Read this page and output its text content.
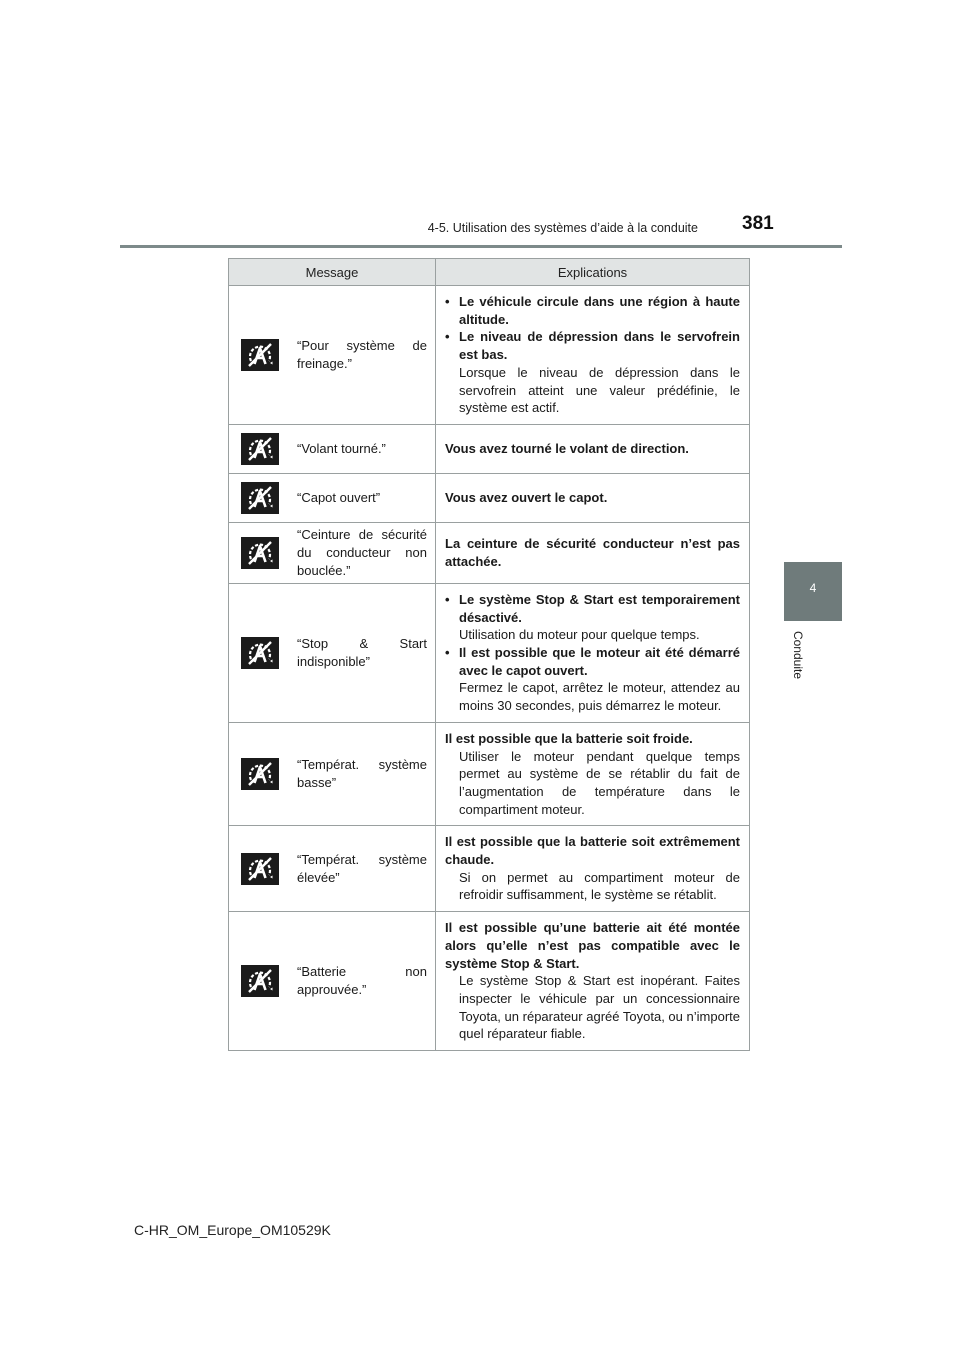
4-5. Utilisation des systèmes d’aide à la conduite 381
4
Conduite
Message	Explications

“Pour système de freinage.”	• Le véhicule circule dans une région à haute altitude.
• Le niveau de dépression dans le servofrein est bas.
Lorsque le niveau de dépression dans le servofrein atteint une valeur prédéfinie, le système est actif.

“Volant tourné.”	Vous avez tourné le volant de direction.

“Capot ouvert”	Vous avez ouvert le capot.

“Ceinture de sécurité du conducteur non bouclée.”	La ceinture de sécurité conducteur n’est pas attachée.

“Stop & Start indisponible”	• Le système Stop & Start est temporairement désactivé.
Utilisation du moteur pour quelque temps.
• Il est possible que le moteur ait été démarré avec le capot ouvert.
Fermez le capot, arrêtez le moteur, attendez au moins 30 secondes, puis démarrez le moteur.

“Températ. système basse”	Il est possible que la batterie soit froide.
Utiliser le moteur pendant quelque temps permet au système de se rétablir du fait de l’augmentation de température dans le compartiment moteur.

“Températ. système élevée”	Il est possible que la batterie soit extrêmement chaude.
Si on permet au compartiment moteur de refroidir suffisamment, le système se rétablit.

“Batterie non approuvée.”	Il est possible qu’une batterie ait été montée alors qu’elle n’est pas compatible avec le système Stop & Start.
Le système Stop & Start est inopérant. Faites inspecter le véhicule par un concessionnaire Toyota, un réparateur agréé Toyota, ou n’importe quel réparateur fiable.
C-HR_OM_Europe_OM10529K
